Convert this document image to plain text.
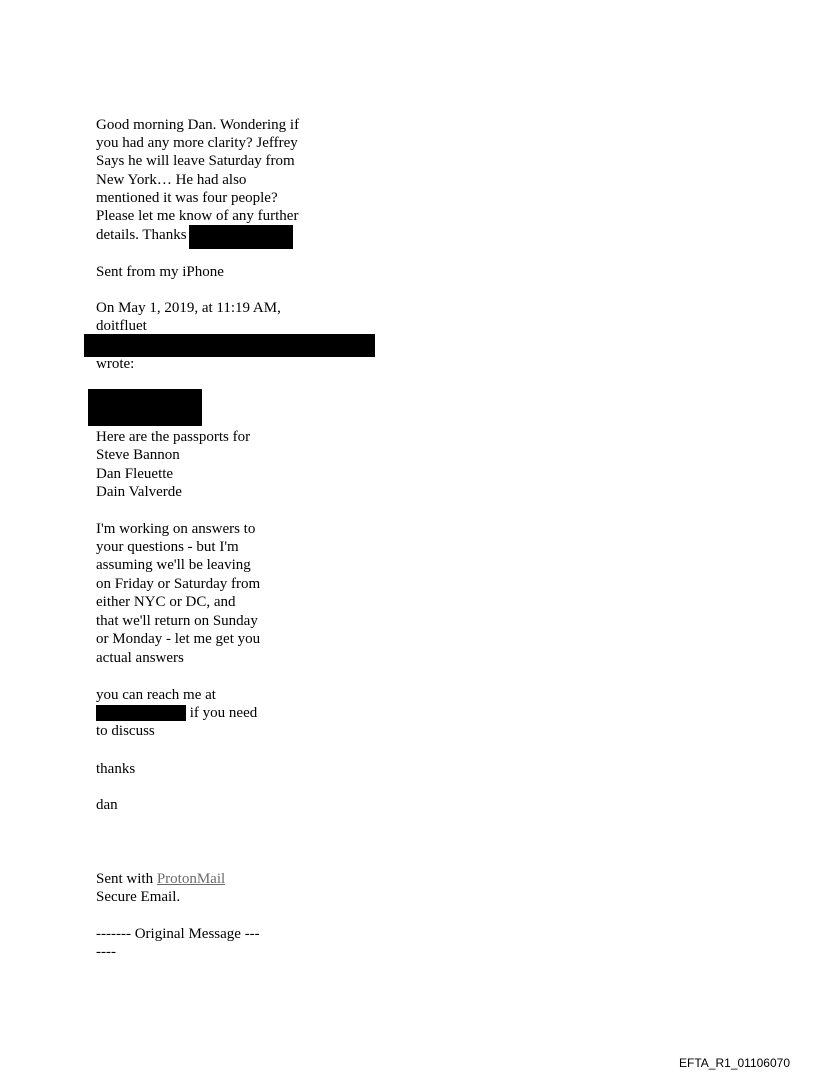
Good morning Dan. Wondering if
you had any more clarity? Jeffrey
Says he will leave Saturday from
New York… He had also
mentioned it was four people?
Please let me know of any further
details. Thanks
Sent from my iPhone
On May 1, 2019, at 11:19 AM,
doitfluet
wrote:
Here are the passports for
Steve Bannon
Dan Fleuette
Dain Valverde
I'm working on answers to
your questions - but I'm
assuming we'll be leaving
on Friday or Saturday from
either NYC or DC, and
that we'll return on Sunday
or Monday - let me get you
actual answers
you can reach me at
if you need
to discuss
thanks
dan
Sent with ProtonMail
Secure Email.
------- Original Message ---
----
EFTA_R1_01106070
